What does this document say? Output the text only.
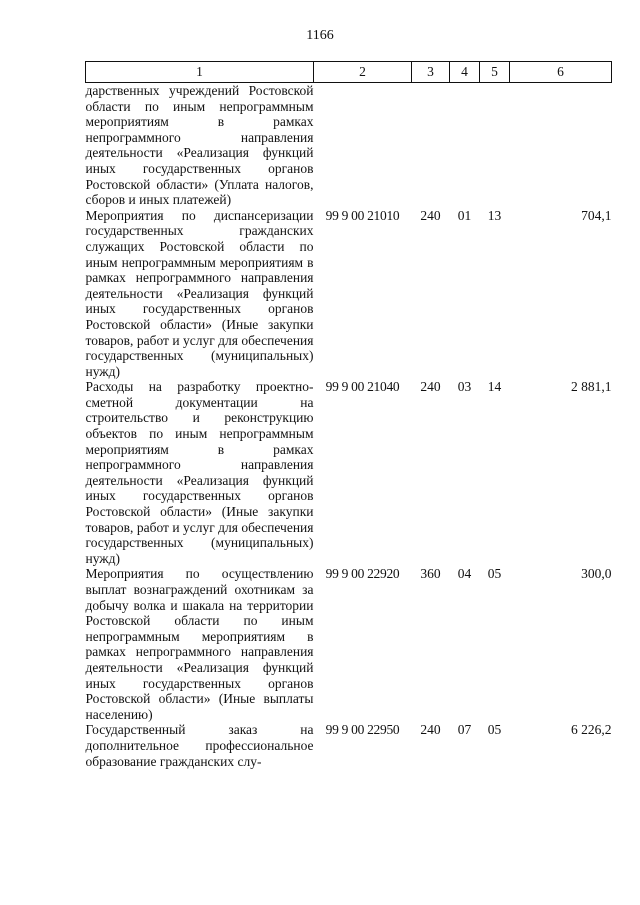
1166
1	2	3	4	5	6
дарственных учреждений Ростовской области по иным непрограммным мероприятиям в рамках непрограммного направления деятельности «Реализация функций иных государственных органов Ростовской области» (Уплата налогов, сборов и иных платежей)					
Мероприятия по диспансеризации государственных гражданских служащих Ростовской области по иным непрограммным мероприятиям в рамках непрограммного направления деятельности «Реализация функций иных государственных органов Ростовской области» (Иные закупки товаров, работ и услуг для обеспечения государственных (муниципальных) нужд)	99 9 00 21010	240	01	13	704,1
Расходы на разработку проектно-сметной документации на строительство и реконструкцию объектов по иным непрограммным мероприятиям в рамках непрограммного направления деятельности «Реализация функций иных государственных органов Ростовской области» (Иные закупки товаров, работ и услуг для обеспечения государственных (муниципальных) нужд)	99 9 00 21040	240	03	14	2 881,1
Мероприятия по осуществлению выплат вознаграждений охотникам за добычу волка и шакала на территории Ростовской области по иным непрограммным мероприятиям в рамках непрограммного направления деятельности «Реализация функций иных государственных органов Ростовской области» (Иные выплаты населению)	99 9 00 22920	360	04	05	300,0
Государственный заказ на дополнительное профессиональное образование гражданских слу-	99 9 00 22950	240	07	05	6 226,2
